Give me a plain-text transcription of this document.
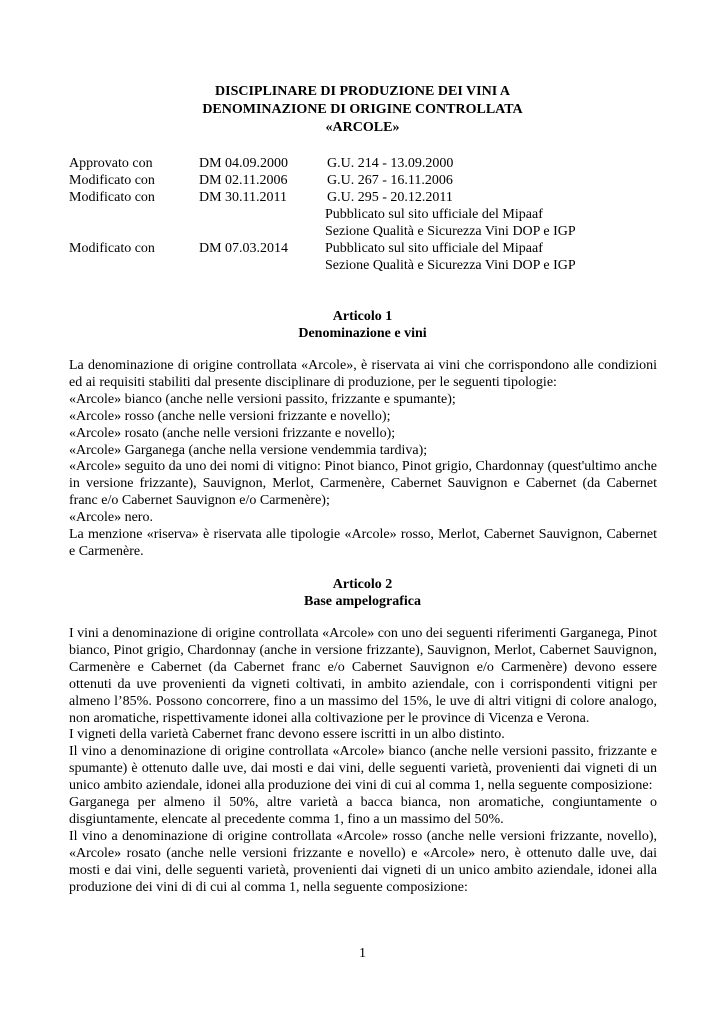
DISCIPLINARE DI PRODUZIONE DEI VINI A
DENOMINAZIONE DI ORIGINE CONTROLLATA
«ARCOLE»
Approvato con	DM 04.09.2000	G.U. 214 - 13.09.2000
Modificato con	DM 02.11.2006	G.U. 267 - 16.11.2006
Modificato con	DM 30.11.2011	G.U. 295 - 20.12.2011
Pubblicato sul sito ufficiale del Mipaaf
Sezione Qualità e Sicurezza Vini DOP e IGP
Modificato con	DM 07.03.2014	Pubblicato sul sito ufficiale del Mipaaf
Sezione Qualità e Sicurezza Vini DOP e IGP
Articolo 1
Denominazione e vini

La denominazione di origine controllata «Arcole», è riservata ai vini che corrispondono alle condizioni ed ai requisiti stabiliti dal presente disciplinare di produzione, per le seguenti tipologie:

«Arcole» bianco (anche nelle versioni passito, frizzante e spumante);

«Arcole» rosso (anche nelle versioni frizzante e novello);

«Arcole» rosato (anche nelle versioni frizzante e novello);

«Arcole» Garganega (anche nella versione vendemmia tardiva);

«Arcole» seguito da uno dei nomi di vitigno: Pinot bianco, Pinot grigio, Chardonnay (quest'ultimo anche in versione frizzante), Sauvignon, Merlot, Carmenère, Cabernet Sauvignon e Cabernet (da Cabernet franc e/o Cabernet Sauvignon e/o Carmenère);

«Arcole» nero.

La menzione «riserva» è riservata alle tipologie «Arcole» rosso, Merlot, Cabernet Sauvignon, Cabernet e Carmenère.

Articolo 2
Base ampelografica

I vini a denominazione di origine controllata «Arcole» con uno dei seguenti riferimenti Garganega, Pinot bianco, Pinot grigio, Chardonnay (anche in versione frizzante), Sauvignon, Merlot, Cabernet Sauvignon, Carmenère e Cabernet (da Cabernet franc e/o Cabernet Sauvignon e/o Carmenère) devono essere ottenuti da uve provenienti da vigneti coltivati, in ambito aziendale, con i corrispondenti vitigni per almeno l’85%. Possono concorrere, fino a un massimo del 15%, le uve di altri vitigni di colore analogo, non aromatiche, rispettivamente idonei alla coltivazione per le province di Vicenza e Verona.

I vigneti della varietà Cabernet franc devono essere iscritti in un albo distinto.

Il vino a denominazione di origine controllata «Arcole» bianco (anche nelle versioni passito, frizzante e spumante) è ottenuto dalle uve, dai mosti e dai vini, delle seguenti varietà, provenienti dai vigneti di un unico ambito aziendale, idonei alla produzione dei vini di cui al comma 1, nella seguente composizione:

Garganega per almeno il 50%, altre varietà a bacca bianca, non aromatiche, congiuntamente o disgiuntamente, elencate al precedente comma 1, fino a un massimo del 50%.

Il vino a denominazione di origine controllata «Arcole» rosso (anche nelle versioni frizzante, novello), «Arcole» rosato (anche nelle versioni frizzante e novello) e «Arcole» nero, è ottenuto dalle uve, dai mosti e dai vini, delle seguenti varietà, provenienti dai vigneti di un unico ambito aziendale, idonei alla produzione dei vini di di cui al comma 1, nella seguente composizione:

1
